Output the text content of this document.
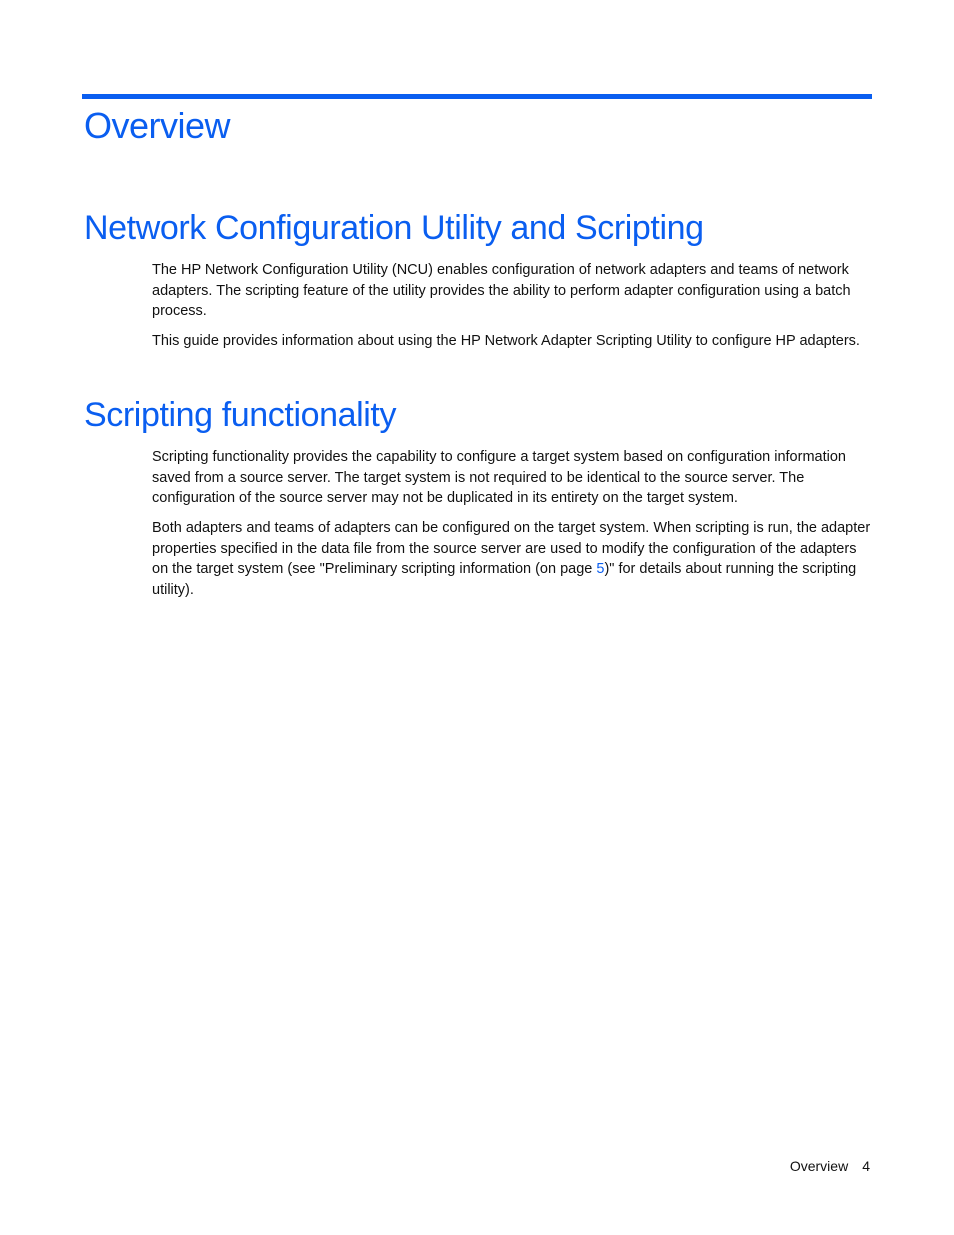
Overview
Network Configuration Utility and Scripting

The HP Network Configuration Utility (NCU) enables configuration of network adapters and teams of network adapters. The scripting feature of the utility provides the ability to perform adapter configuration using a batch process.

This guide provides information about using the HP Network Adapter Scripting Utility to configure HP adapters.

Scripting functionality

Scripting functionality provides the capability to configure a target system based on configuration information saved from a source server. The target system is not required to be identical to the source server. The configuration of the source server may not be duplicated in its entirety on the target system.

Both adapters and teams of adapters can be configured on the target system. When scripting is run, the adapter properties specified in the data file from the source server are used to modify the configuration of the adapters on the target system (see "Preliminary scripting information (on page 5)" for details about running the scripting utility).

Overview 4
